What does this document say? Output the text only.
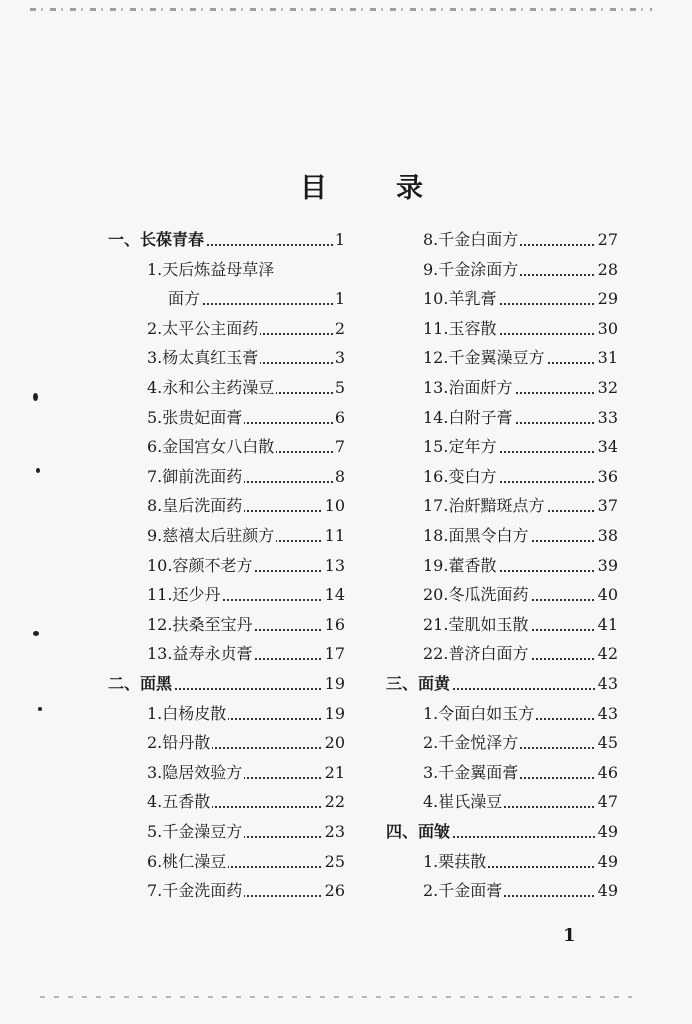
目	录
一、长葆青春	1
1.天后炼益母草泽
面方	1
2.太平公主面药	2
3.杨太真红玉膏	3
4.永和公主药澡豆	5
5.张贵妃面膏	6
6.金国宫女八白散	7
7.御前洗面药	8
8.皇后洗面药	10
9.慈禧太后驻颜方	11
10.容颜不老方	13
11.还少丹	14
12.扶桑至宝丹	16
13.益寿永贞膏	17
二、面黑	19
1.白杨皮散	19
2.铅丹散	20
3.隐居效验方	21
4.五香散	22
5.千金澡豆方	23
6.桃仁澡豆	25
7.千金洗面药	26
8.千金白面方	27
9.千金涂面方	28
10.羊乳膏	29
11.玉容散	30
12.千金翼澡豆方	31
13.治面皯方	32
14.白附子膏	33
15.定年方	34
16.变白方	36
17.治皯黯斑点方	37
18.面黑令白方	38
19.藿香散	39
20.冬瓜洗面药	40
21.莹肌如玉散	41
22.普济白面方	42
三、面黄	43
1.令面白如玉方	43
2.千金悦泽方	45
3.千金翼面膏	46
4.崔氏澡豆	47
四、面皱	49
1.栗荴散	49
2.千金面膏	49
1
